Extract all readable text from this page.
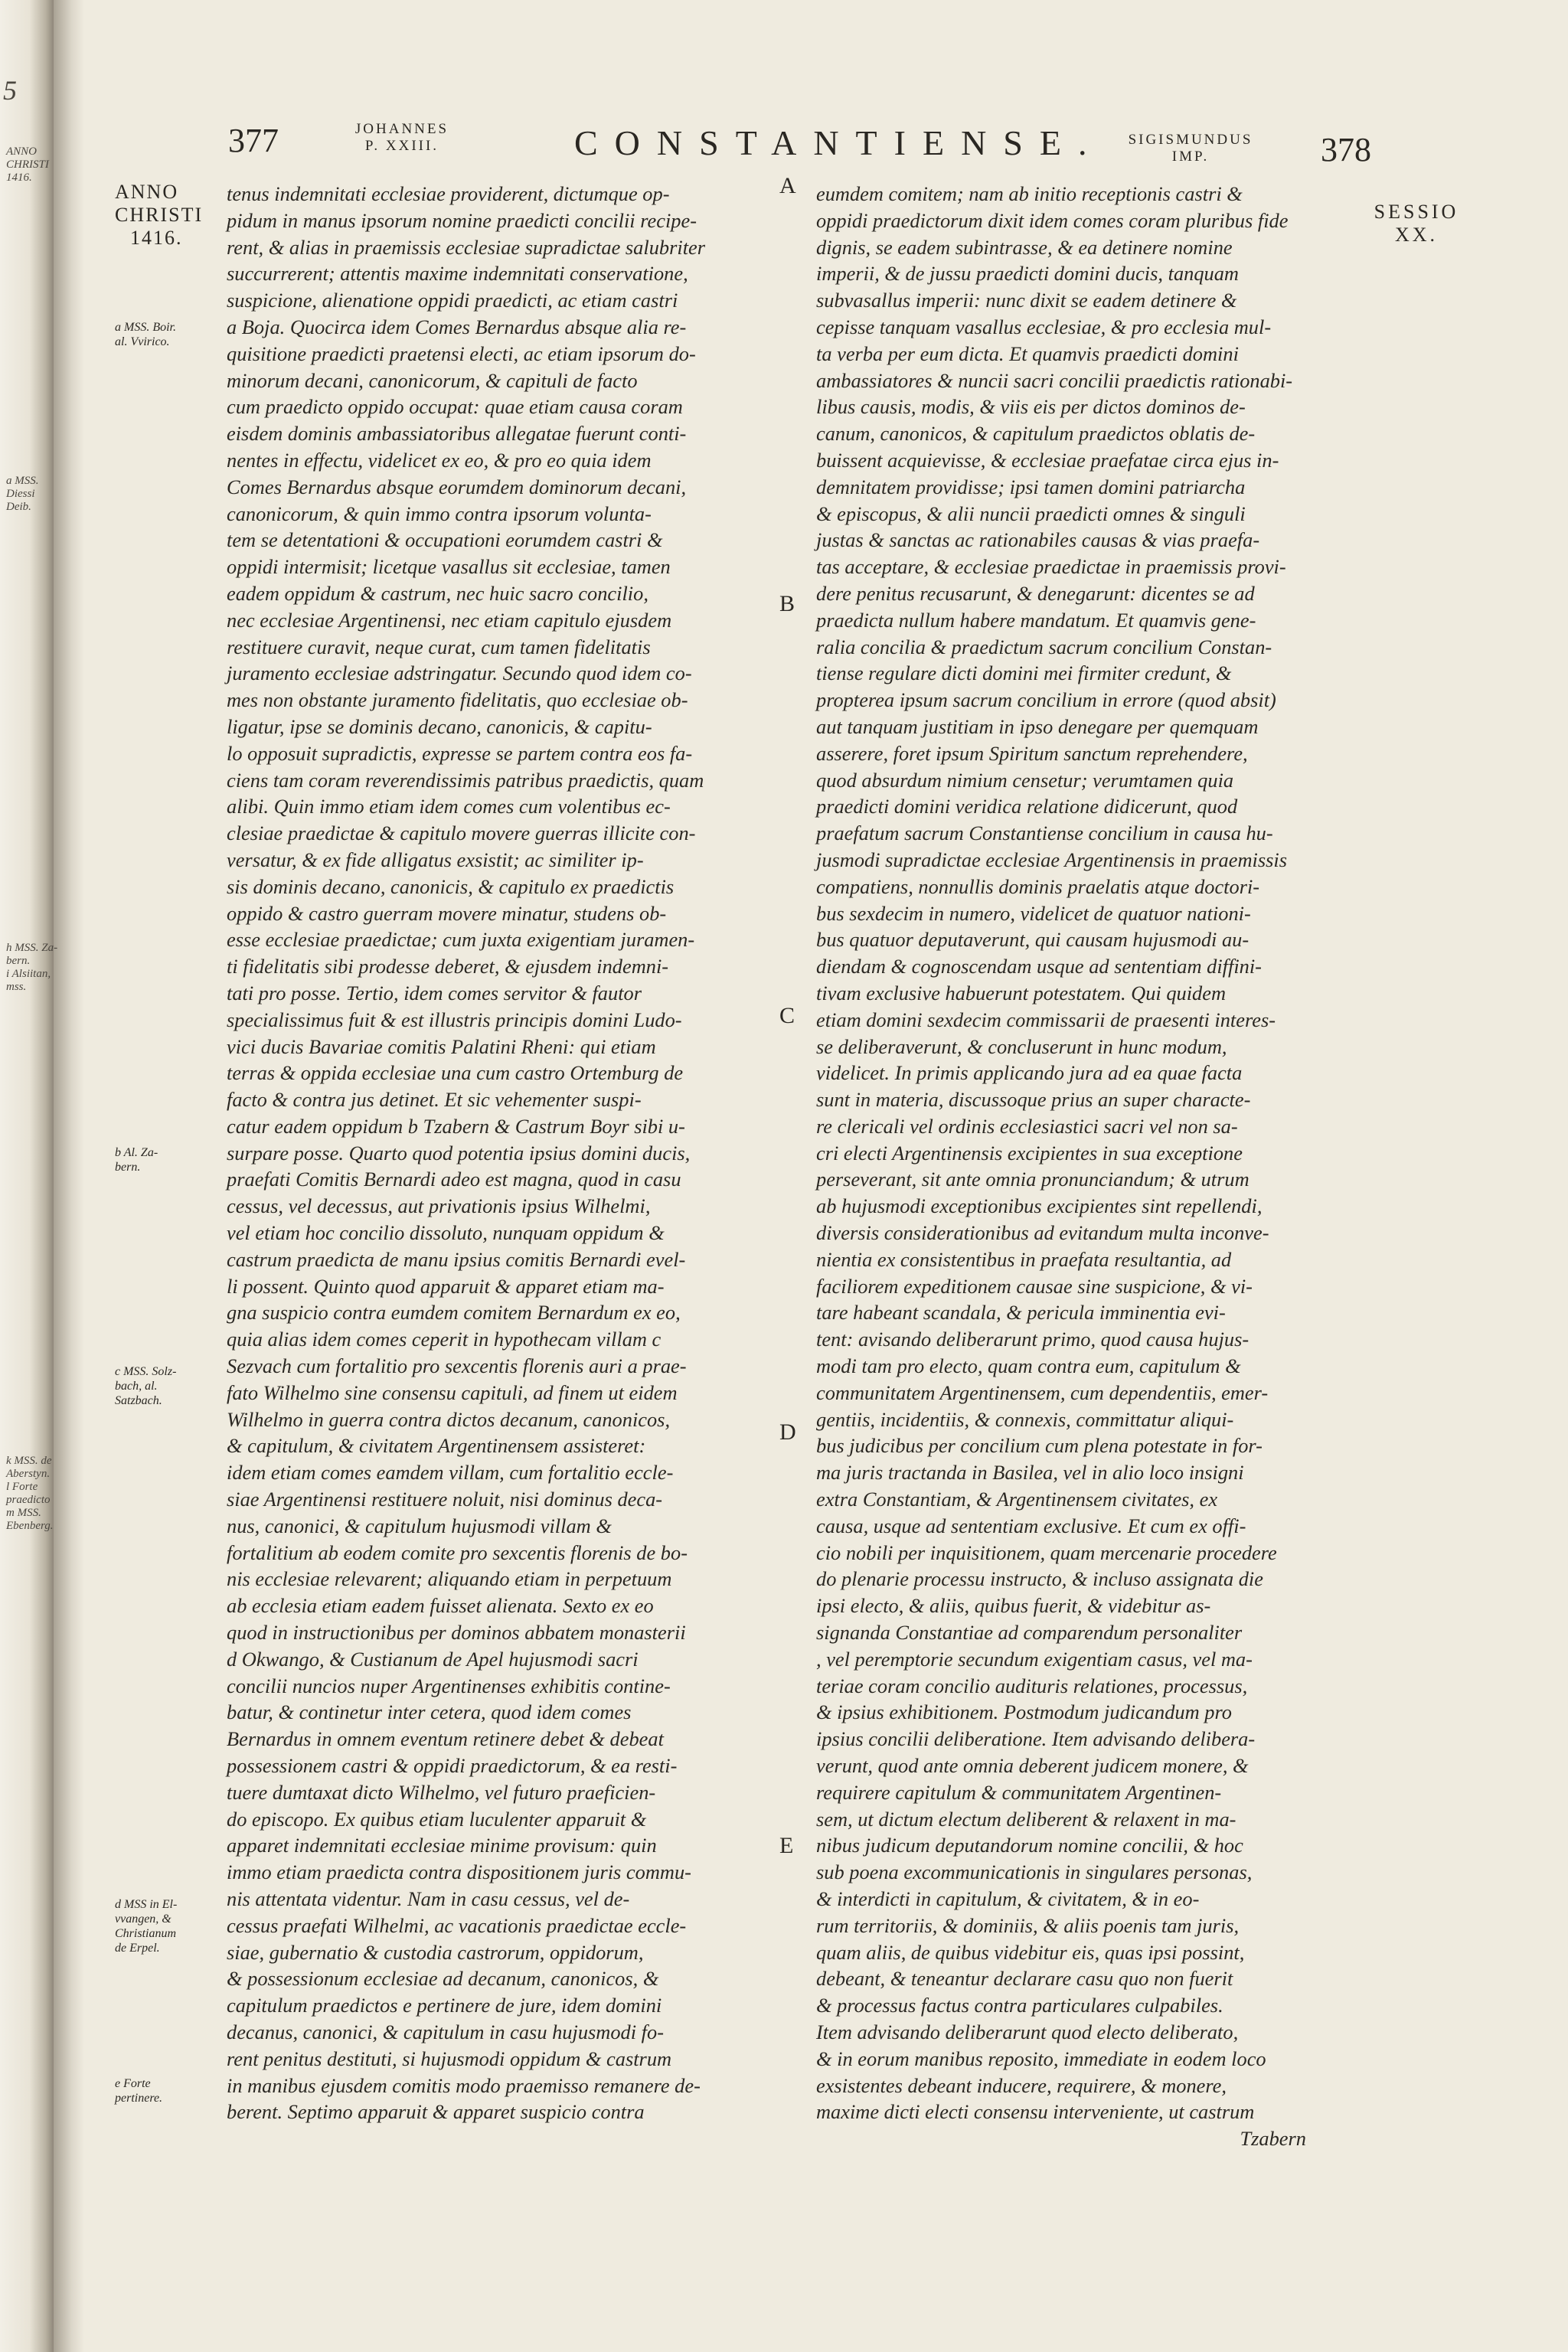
5
ANNO
CHRISTI
1416.
a MSS.
Diessi
Deib.
h MSS. Za-
bern.
i Alsiitan,
mss.
k MSS. de
Aberstyn.
l Forte
praedicto
m MSS.
Ebenberg.
377	JOHANNES
P. XXIII.	CONSTANTIENSE.	SIGISMUNDUS
IMP.	378
ANNO
CHRISTI
1416.
a MSS. Boir.
al. Vvirico.
b Al. Za-
bern.
c MSS. Solz-
bach, al.
Satzbach.
d MSS in El-
vvangen, &
Christianum
de Erpel.
e Forte
pertinere.
SESSIO
XX.
A
B
C
D
E
tenus indemnitati ecclesiae providerent, dictumque op-
pidum in manus ipsorum nomine praedicti concilii recipe-
rent, & alias in praemissis ecclesiae supradictae salubriter
succurrerent; attentis maxime indemnitati conservatione,
suspicione, alienatione oppidi praedicti, ac etiam castri
a Boja. Quocirca idem Comes Bernardus absque alia re-
quisitione praedicti praetensi electi, ac etiam ipsorum do-
minorum decani, canonicorum, & capituli de facto
cum praedicto oppido occupat: quae etiam causa coram
eisdem dominis ambassiatoribus allegatae fuerunt conti-
nentes in effectu, videlicet ex eo, & pro eo quia idem
Comes Bernardus absque eorumdem dominorum decani,
canonicorum, & quin immo contra ipsorum volunta-
tem se detentationi & occupationi eorumdem castri &
oppidi intermisit; licetque vasallus sit ecclesiae, tamen
eadem oppidum & castrum, nec huic sacro concilio,
nec ecclesiae Argentinensi, nec etiam capitulo ejusdem
restituere curavit, neque curat, cum tamen fidelitatis
juramento ecclesiae adstringatur. Secundo quod idem co-
mes non obstante juramento fidelitatis, quo ecclesiae ob-
ligatur, ipse se dominis decano, canonicis, & capitu-
lo opposuit supradictis, expresse se partem contra eos fa-
ciens tam coram reverendissimis patribus praedictis, quam
alibi. Quin immo etiam idem comes cum volentibus ec-
clesiae praedictae & capitulo movere guerras illicite con-
versatur, & ex fide alligatus exsistit; ac similiter ip-
sis dominis decano, canonicis, & capitulo ex praedictis
oppido & castro guerram movere minatur, studens ob-
esse ecclesiae praedictae; cum juxta exigentiam juramen-
ti fidelitatis sibi prodesse deberet, & ejusdem indemni-
tati pro posse. Tertio, idem comes servitor & fautor
specialissimus fuit & est illustris principis domini Ludo-
vici ducis Bavariae comitis Palatini Rheni: qui etiam
terras & oppida ecclesiae una cum castro Ortemburg de
facto & contra jus detinet. Et sic vehementer suspi-
catur eadem oppidum b Tzabern & Castrum Boyr sibi u-
surpare posse. Quarto quod potentia ipsius domini ducis,
praefati Comitis Bernardi adeo est magna, quod in casu
cessus, vel decessus, aut privationis ipsius Wilhelmi,
vel etiam hoc concilio dissoluto, nunquam oppidum &
castrum praedicta de manu ipsius comitis Bernardi evel-
li possent. Quinto quod apparuit & apparet etiam ma-
gna suspicio contra eumdem comitem Bernardum ex eo,
quia alias idem comes ceperit in hypothecam villam c
Sezvach cum fortalitio pro sexcentis florenis auri a prae-
fato Wilhelmo sine consensu capituli, ad finem ut eidem
Wilhelmo in guerra contra dictos decanum, canonicos,
& capitulum, & civitatem Argentinensem assisteret:
idem etiam comes eamdem villam, cum fortalitio eccle-
siae Argentinensi restituere noluit, nisi dominus deca-
nus, canonici, & capitulum hujusmodi villam &
fortalitium ab eodem comite pro sexcentis florenis de bo-
nis ecclesiae relevarent; aliquando etiam in perpetuum
ab ecclesia etiam eadem fuisset alienata. Sexto ex eo
quod in instructionibus per dominos abbatem monasterii
d Okwango, & Custianum de Apel hujusmodi sacri
concilii nuncios nuper Argentinenses exhibitis contine-
batur, & continetur inter cetera, quod idem comes
Bernardus in omnem eventum retinere debet & debeat
possessionem castri & oppidi praedictorum, & ea resti-
tuere dumtaxat dicto Wilhelmo, vel futuro praeficien-
do episcopo. Ex quibus etiam luculenter apparuit &
apparet indemnitati ecclesiae minime provisum: quin
immo etiam praedicta contra dispositionem juris commu-
nis attentata videntur. Nam in casu cessus, vel de-
cessus praefati Wilhelmi, ac vacationis praedictae eccle-
siae, gubernatio & custodia castrorum, oppidorum,
& possessionum ecclesiae ad decanum, canonicos, &
capitulum praedictos e pertinere de jure, idem domini
decanus, canonici, & capitulum in casu hujusmodi fo-
rent penitus destituti, si hujusmodi oppidum & castrum
in manibus ejusdem comitis modo praemisso remanere de-
berent. Septimo apparuit & apparet suspicio contra
eumdem comitem; nam ab initio receptionis castri &
oppidi praedictorum dixit idem comes coram pluribus fide
dignis, se eadem subintrasse, & ea detinere nomine
imperii, & de jussu praedicti domini ducis, tanquam
subvasallus imperii: nunc dixit se eadem detinere &
cepisse tanquam vasallus ecclesiae, & pro ecclesia mul-
ta verba per eum dicta. Et quamvis praedicti domini
ambassiatores & nuncii sacri concilii praedictis rationabi-
libus causis, modis, & viis eis per dictos dominos de-
canum, canonicos, & capitulum praedictos oblatis de-
buissent acquievisse, & ecclesiae praefatae circa ejus in-
demnitatem providisse; ipsi tamen domini patriarcha
& episcopus, & alii nuncii praedicti omnes & singuli
justas & sanctas ac rationabiles causas & vias praefa-
tas acceptare, & ecclesiae praedictae in praemissis provi-
dere penitus recusarunt, & denegarunt: dicentes se ad
praedicta nullum habere mandatum. Et quamvis gene-
ralia concilia & praedictum sacrum concilium Constan-
tiense regulare dicti domini mei firmiter credunt, &
propterea ipsum sacrum concilium in errore (quod absit)
aut tanquam justitiam in ipso denegare per quemquam
asserere, foret ipsum Spiritum sanctum reprehendere,
quod absurdum nimium censetur; verumtamen quia
praedicti domini veridica relatione didicerunt, quod
praefatum sacrum Constantiense concilium in causa hu-
jusmodi supradictae ecclesiae Argentinensis in praemissis
compatiens, nonnullis dominis praelatis atque doctori-
bus sexdecim in numero, videlicet de quatuor nationi-
bus quatuor deputaverunt, qui causam hujusmodi au-
diendam & cognoscendam usque ad sententiam diffini-
tivam exclusive habuerunt potestatem. Qui quidem
etiam domini sexdecim commissarii de praesenti interes-
se deliberaverunt, & concluserunt in hunc modum,
videlicet. In primis applicando jura ad ea quae facta
sunt in materia, discussoque prius an super characte-
re clericali vel ordinis ecclesiastici sacri vel non sa-
cri electi Argentinensis excipientes in sua exceptione
perseverant, sit ante omnia pronunciandum; & utrum
ab hujusmodi exceptionibus excipientes sint repellendi,
diversis considerationibus ad evitandum multa inconve-
nientia ex consistentibus in praefata resultantia, ad
faciliorem expeditionem causae sine suspicione, & vi-
tare habeant scandala, & pericula imminentia evi-
tent: avisando deliberarunt primo, quod causa hujus-
modi tam pro electo, quam contra eum, capitulum &
communitatem Argentinensem, cum dependentiis, emer-
gentiis, incidentiis, & connexis, committatur aliqui-
bus judicibus per concilium cum plena potestate in for-
ma juris tractanda in Basilea, vel in alio loco insigni
extra Constantiam, & Argentinensem civitates, ex
causa, usque ad sententiam exclusive. Et cum ex offi-
cio nobili per inquisitionem, quam mercenarie procedere
do plenarie processu instructo, & incluso assignata die
ipsi electo, & aliis, quibus fuerit, & videbitur as-
signanda Constantiae ad comparendum personaliter
, vel peremptorie secundum exigentiam casus, vel ma-
teriae coram concilio audituris relationes, processus,
& ipsius exhibitionem. Postmodum judicandum pro
ipsius concilii deliberatione. Item advisando delibera-
verunt, quod ante omnia deberent judicem monere, &
requirere capitulum & communitatem Argentinen-
sem, ut dictum electum deliberent & relaxent in ma-
nibus judicum deputandorum nomine concilii, & hoc
sub poena excommunicationis in singulares personas,
& interdicti in capitulum, & civitatem, & in eo-
rum territoriis, & dominiis, & aliis poenis tam juris,
quam aliis, de quibus videbitur eis, quas ipsi possint,
debeant, & teneantur declarare casu quo non fuerit
& processus factus contra particulares culpabiles.
Item advisando deliberarunt quod electo deliberato,
& in eorum manibus reposito, immediate in eodem loco
exsistentes debeant inducere, requirere, & monere,
maxime dicti electi consensu interveniente, ut castrum
Tzabern
